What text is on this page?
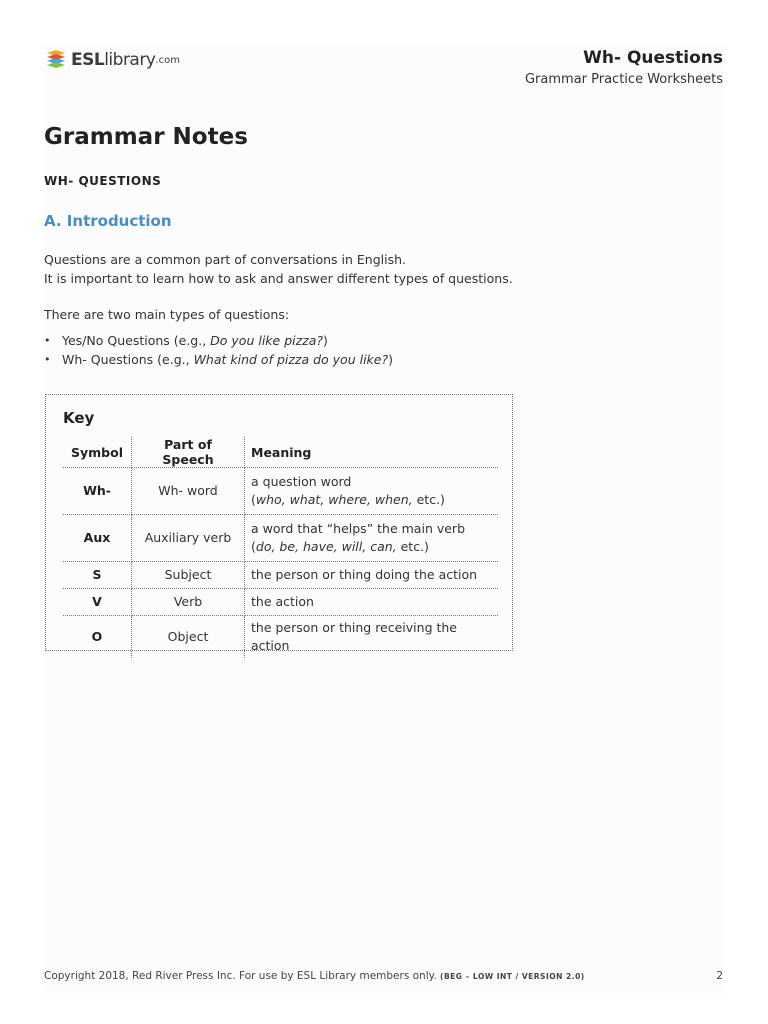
ESL library .com	Wh- Questions
Grammar Practice Worksheets
Grammar Notes
WH- QUESTIONS
A. Introduction
Questions are a common part of conversations in English.
It is important to learn how to ask and answer different types of questions.
There are two main types of questions:
• Yes/No Questions (e.g., Do you like pizza?)
• Wh- Questions (e.g., What kind of pizza do you like?)
Key
Symbol	Part of Speech	Meaning
Wh-	Wh- word	a question word
(who, what, where, when, etc.)

Aux	Auxiliary verb	a word that “helps” the main verb
(do, be, have, will, can, etc.)

S	Subject	the person or thing doing the action
V	Verb	the action
O	Object	the person or thing receiving the action
Copyright 2018, Red River Press Inc. For use by ESL Library members only. (BEG – LOW INT / VERSION 2.0)	2
